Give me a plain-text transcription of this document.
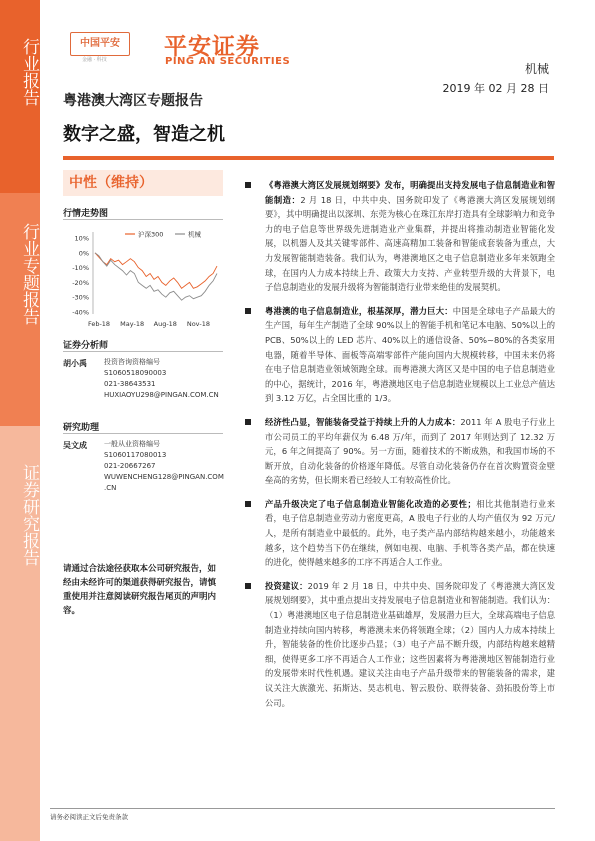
行业报告
行业专题报告
证券研究报告
中国平安
金融 · 科技 平安证券
PING AN SECURITIES
机械
2019 年 02 月 28 日
粤港澳大湾区专题报告
数字之盛，智造之机
中性（维持）
行情走势图
10%
0%
-10%
-20%
-30%
-40%
Feb-18 May-18 Aug-18 Nov-18
沪深300	机械
证券分析师
胡小禹 投资咨询资格编号
S1060518090003
021-38643531
HUXIAOYU298@PINGAN.COM.CN
研究助理
吴文成 一般从业资格编号
S1060117080013
021-20667267
WUWENCHENG128@PINGAN.COM
.CN
请通过合法途径获取本公司研究报告，如经由未经许可的渠道获得研究报告，请慎重使用并注意阅读研究报告尾页的声明内容。
《粤港澳大湾区发展规划纲要》发布，明确提出支持发展电子信息制造业和智能制造：2 月 18 日，中共中央、国务院印发了《粤港澳大湾区发展规划纲要》，其中明确提出以深圳、东莞为核心在珠江东岸打造具有全球影响力和竞争力的电子信息等世界级先进制造业产业集群，并提出将推动制造业智能化发展，以机器人及其关键零部件、高速高精加工装备和智能成套装备为重点，大力发展智能制造装备。我们认为，粤港澳地区之电子信息制造业多年来领跑全球，在国内人力成本持续上升、政策大力支持、产业转型升级的大背景下，电子信息制造业的发展升级将为智能制造行业带来绝佳的发展契机。
粤港澳的电子信息制造业，根基深厚，潜力巨大：中国是全球电子产品最大的生产国，每年生产制造了全球 90%以上的智能手机和笔记本电脑、50%以上的 PCB、50%以上的 LED 芯片、40%以上的通信设备、50%~80%的各类家用电器，随着半导体、面板等高端零部件产能向国内大规模转移，中国未来仍将在电子信息制造业领域领跑全球。而粤港澳大湾区又是中国的电子信息制造业的中心，据统计，2016 年，粤港澳地区电子信息制造业规模以上工业总产值达到 3.12 万亿，占全国比重的 1/3。
经济性凸显，智能装备受益于持续上升的人力成本：2011 年 A 股电子行业上市公司员工的平均年薪仅为 6.48 万/年，而到了 2017 年则达到了 12.32 万元，6 年之间提高了 90%。另一方面，随着技术的不断成熟，和我国市场的不断开放，自动化装备的价格逐年降低。尽管自动化装备仍存在首次购置资金壁垒高的劣势，但长期来看已经较人工有较高性价比。
产品升级决定了电子信息制造业智能化改造的必要性；相比其他制造行业来看，电子信息制造业劳动力密度更高，A 股电子行业的人均产值仅为 92 万元/人，是所有制造业中最低的。此外，电子类产品内部结构越来越小，功能越来越多，这个趋势当下仍在继续，例如电视、电脑、手机等各类产品，都在快速的进化，使得越来越多的工序不再适合人工作业。
投资建议：2019 年 2 月 18 日，中共中央、国务院印发了《粤港澳大湾区发展规划纲要》，其中重点提出支持发展电子信息制造业和智能制造。我们认为：（1）粤港澳地区电子信息制造业基础雄厚，发展潜力巨大，全球高端电子信息制造业持续向国内转移，粤港澳未来仍将领跑全球；（2）国内人力成本持续上升，智能装备的性价比逐步凸显；（3）电子产品不断升级，内部结构越来越精细，使得更多工序不再适合人工作业；这些因素将为粤港澳地区智能制造行业的发展带来时代性机遇。建议关注由电子产品升级带来的智能装备的需求，建议关注大族激光、拓斯达、昊志机电、智云股份、联得装备、劲拓股份等上市公司。
请务必阅读正文后免责条款
